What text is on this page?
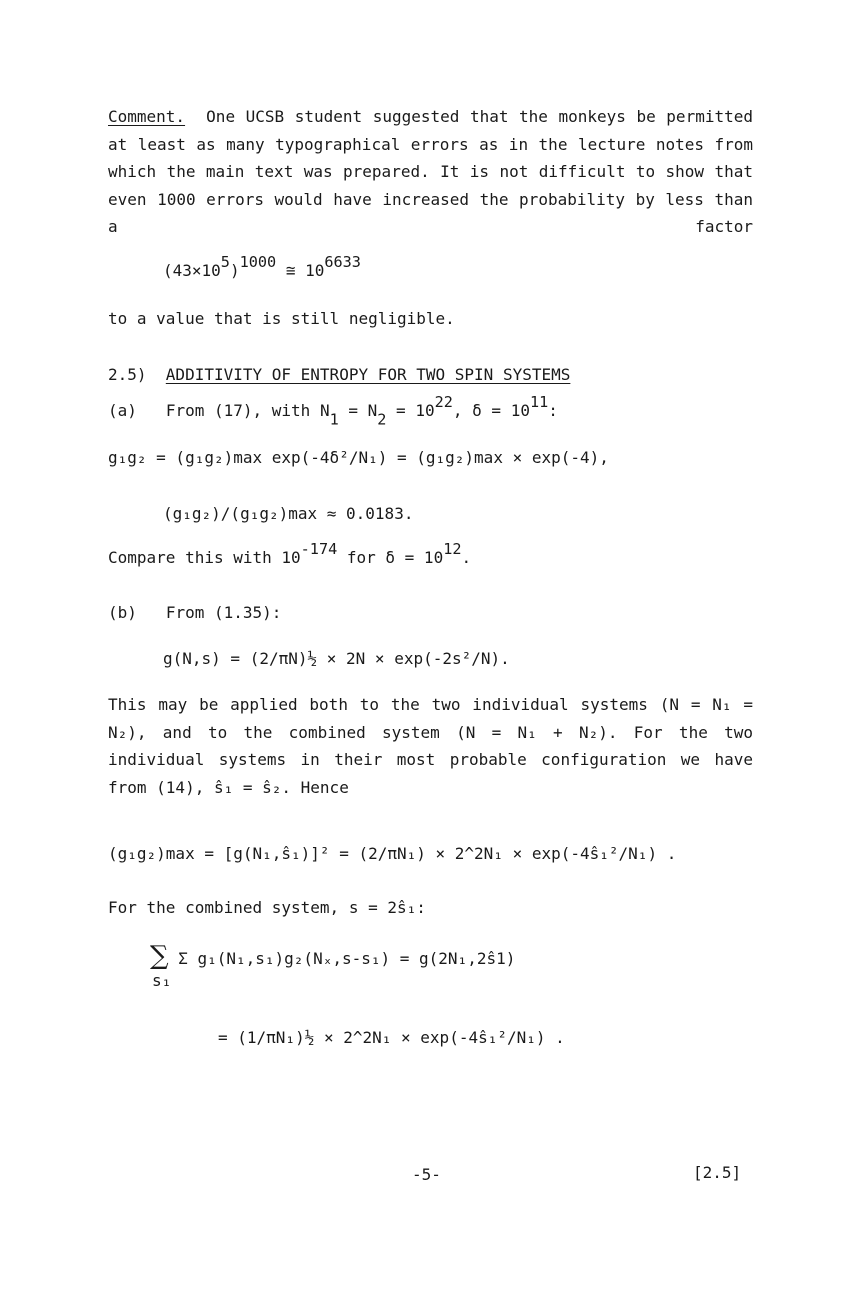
Comment. One UCSB student suggested that the monkeys be permitted at least as many typographical errors as in the lecture notes from which the main text was prepared. It is not difficult to show that even 1000 errors would have increased the probability by less than a factor
$(43\times 10^5)^{1000}$ ≅ $10^{6633}$
to a value that is still negligible.
2.5) ADDITIVITY OF ENTROPY FOR TWO SPIN SYSTEMS
(a) From (17), with $N_1 = N_2 = 10^{22}$, $\delta = 10^{11}$:
g₁g₂ = (g₁g₂)max exp(-4δ²/N₁) = (g₁g₂)max × exp(-4),
(g₁g₂)/(g₁g₂)max ≈ 0.0183.
Compare this with $10^{-174}$ for $\delta = 10^{12}$.
(b) From (1.35):
g(N,s) = (2/πN)½ × 2N × exp(-2s²/N).
This may be applied both to the two individual systems (N = N₁ = N₂), and to the combined system (N = N₁ + N₂). For the two individual systems in their most probable configuration we have from (14), ŝ₁ = ŝ₂. Hence
(g₁g₂)max = [g(N₁,ŝ₁)]² = (2/πN₁) × 2^2N₁ × exp(-4ŝ₁²/N₁) .
For the combined system, s = 2ŝ₁:
∑ Σ g₁(N₁,s₁)g₂(Nₓ,s-s₁) = g(2N₁,2ŝ1)
s₁
= (1/πN₁)½ × 2^2N₁ × exp(-4ŝ₁²/N₁) .
-5-	[2.5]
